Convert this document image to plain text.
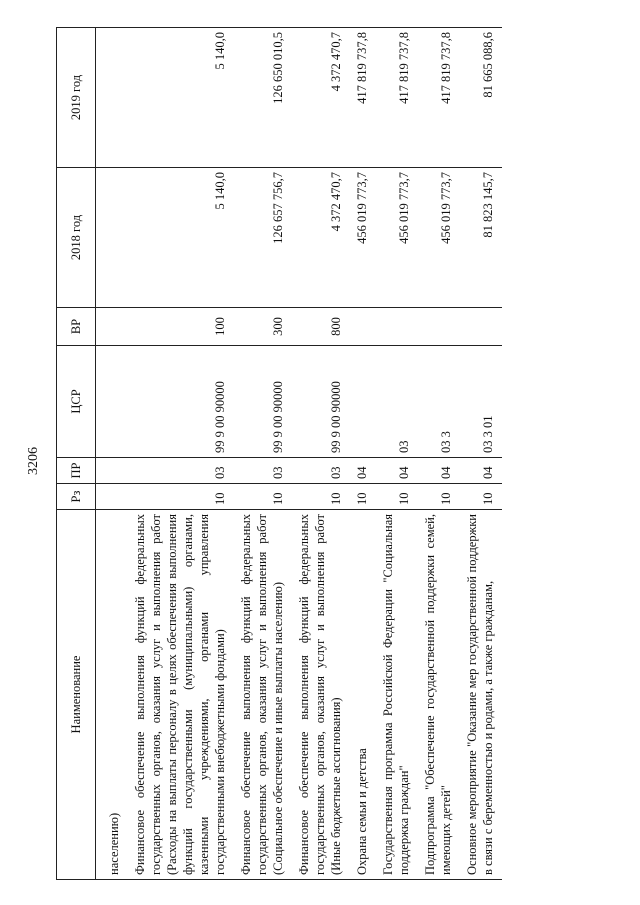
3206
Наименование	Рз	ПР	ЦСР	ВР	2018 год	2019 год
населению)						
Финансовое обеспечение выполнения функций федеральных государственных органов, оказания услуг и выполнения работ (Расходы на выплаты персоналу в целях обеспечения выполнения функций государственными (муниципальными) органами, казенными учреждениями, органами управления государственными внебюджетными фондами)	10	03	99 9 00 90000	100	5 140,0	5 140,0
Финансовое обеспечение выполнения функций федеральных государственных органов, оказания услуг и выполнения работ (Социальное обеспечение и иные выплаты населению)	10	03	99 9 00 90000	300	126 657 756,7	126 650 010,5
Финансовое обеспечение выполнения функций федеральных государственных органов, оказания услуг и выполнения работ (Иные бюджетные ассигнования)	10	03	99 9 00 90000	800	4 372 470,7	4 372 470,7
Охрана семьи и детства	10	04			456 019 773,7	417 819 737,8
Государственная программа Российской Федерации "Социальная поддержка граждан"	10	04	03		456 019 773,7	417 819 737,8
Подпрограмма "Обеспечение государственной поддержки семей, имеющих детей"	10	04	03 3		456 019 773,7	417 819 737,8
Основное мероприятие "Оказание мер государственной поддержки в связи с беременностью и родами, а также гражданам,	10	04	03 3 01		81 823 145,7	81 665 088,6
